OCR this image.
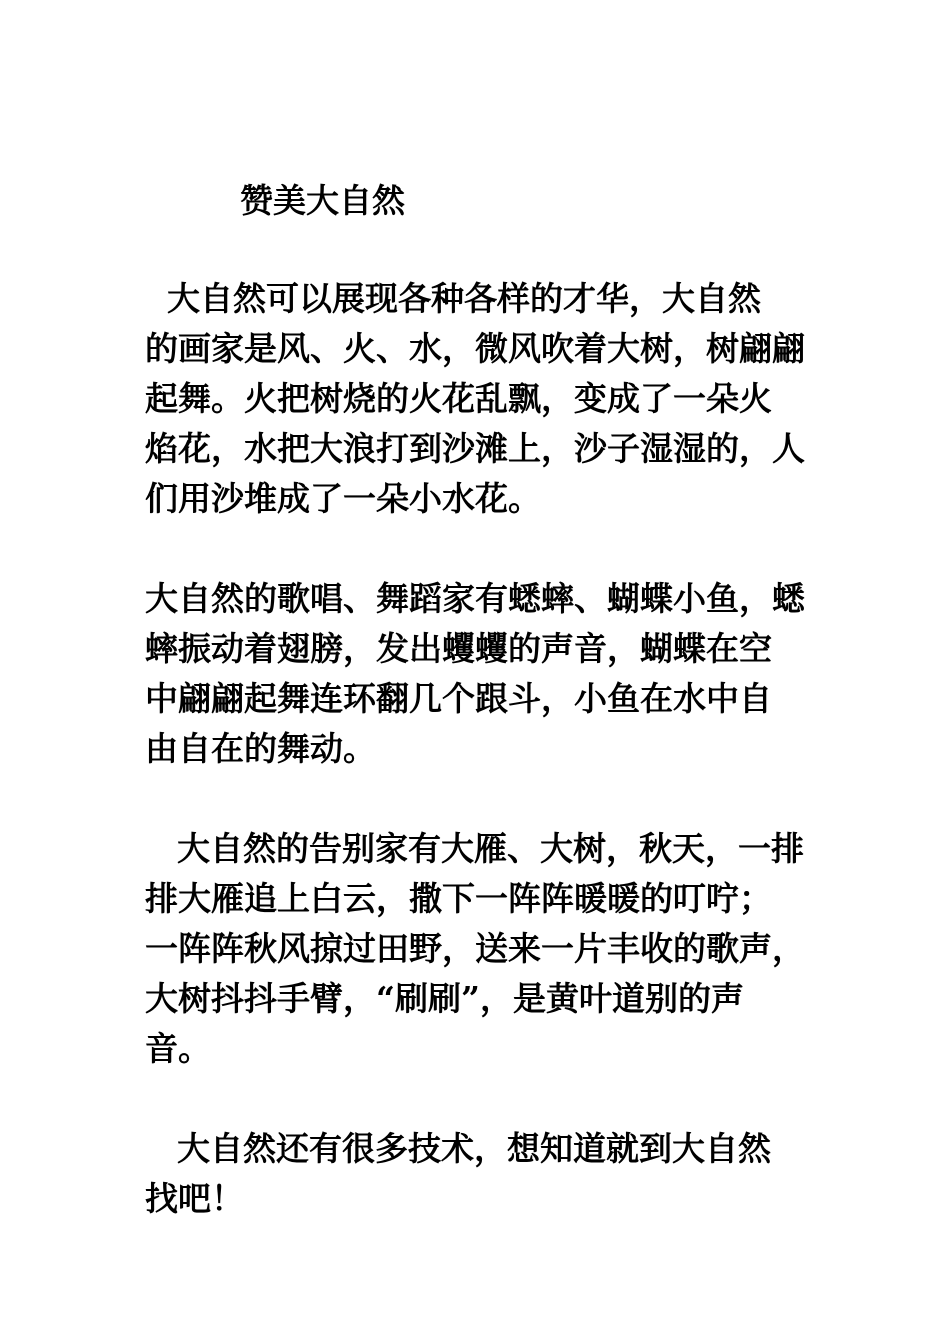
赞美大自然
大自然可以展现各种各样的才华，大自然
的画家是风、火、水，微风吹着大树，树翩翩
起舞。火把树烧的火花乱飘，变成了一朵火
焰花，水把大浪打到沙滩上，沙子湿湿的，人
们用沙堆成了一朵小水花。
大自然的歌唱、舞蹈家有蟋蟀、蝴蝶小鱼，蟋
蟀振动着翅膀，发出蠼蠼的声音，蝴蝶在空
中翩翩起舞连环翻几个跟斗，小鱼在水中自
由自在的舞动。
大自然的告别家有大雁、大树，秋天，一排
排大雁追上白云，撒下一阵阵暖暖的叮咛；
一阵阵秋风掠过田野，送来一片丰收的歌声，
大树抖抖手臂，“刷刷”，是黄叶道别的声
音。
大自然还有很多技术，想知道就到大自然
找吧！
